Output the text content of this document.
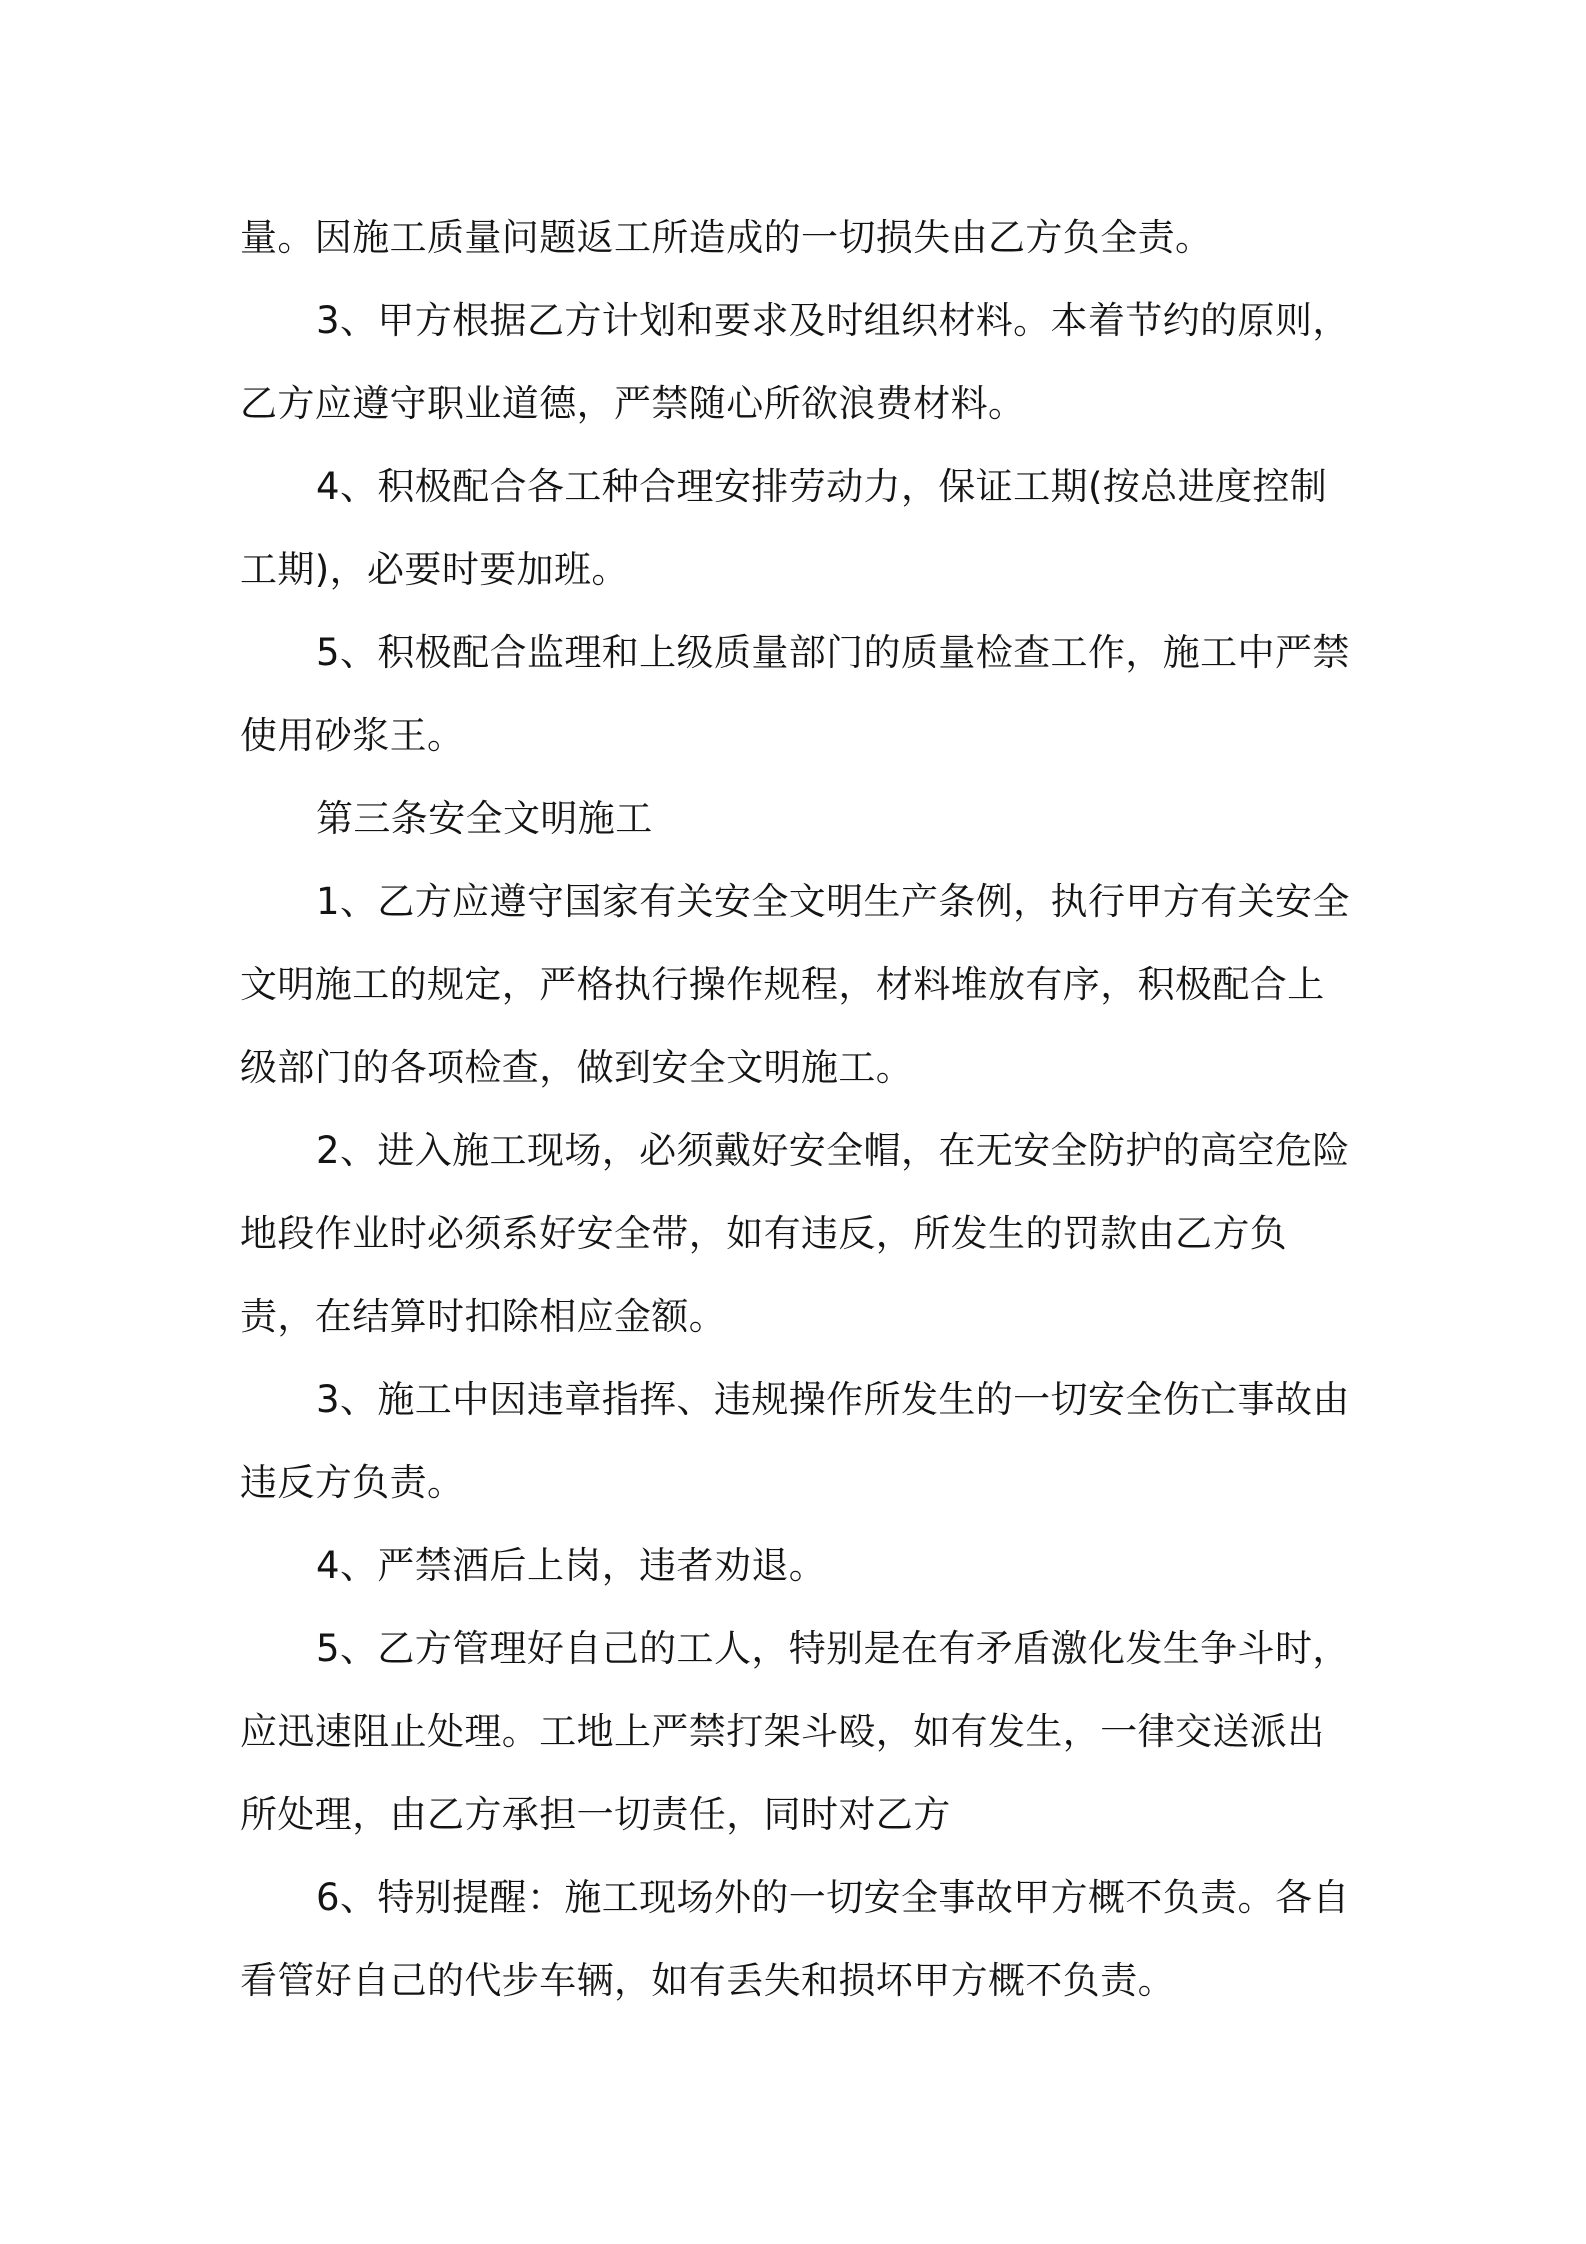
量。因施工质量问题返工所造成的一切损失由乙方负全责。

3、甲方根据乙方计划和要求及时组织材料。本着节约的原则，乙方应遵守职业道德，严禁随心所欲浪费材料。

4、积极配合各工种合理安排劳动力，保证工期(按总进度控制工期)，必要时要加班。

5、积极配合监理和上级质量部门的质量检查工作，施工中严禁使用砂浆王。

第三条安全文明施工

1、乙方应遵守国家有关安全文明生产条例，执行甲方有关安全文明施工的规定，严格执行操作规程，材料堆放有序，积极配合上级部门的各项检查，做到安全文明施工。

2、进入施工现场，必须戴好安全帽，在无安全防护的高空危险地段作业时必须系好安全带，如有违反，所发生的罚款由乙方负责，在结算时扣除相应金额。

3、施工中因违章指挥、违规操作所发生的一切安全伤亡事故由违反方负责。

4、严禁酒后上岗，违者劝退。

5、乙方管理好自己的工人，特别是在有矛盾激化发生争斗时，应迅速阻止处理。工地上严禁打架斗殴，如有发生，一律交送派出所处理，由乙方承担一切责任，同时对乙方

6、特别提醒：施工现场外的一切安全事故甲方概不负责。各自看管好自己的代步车辆，如有丢失和损坏甲方概不负责。
